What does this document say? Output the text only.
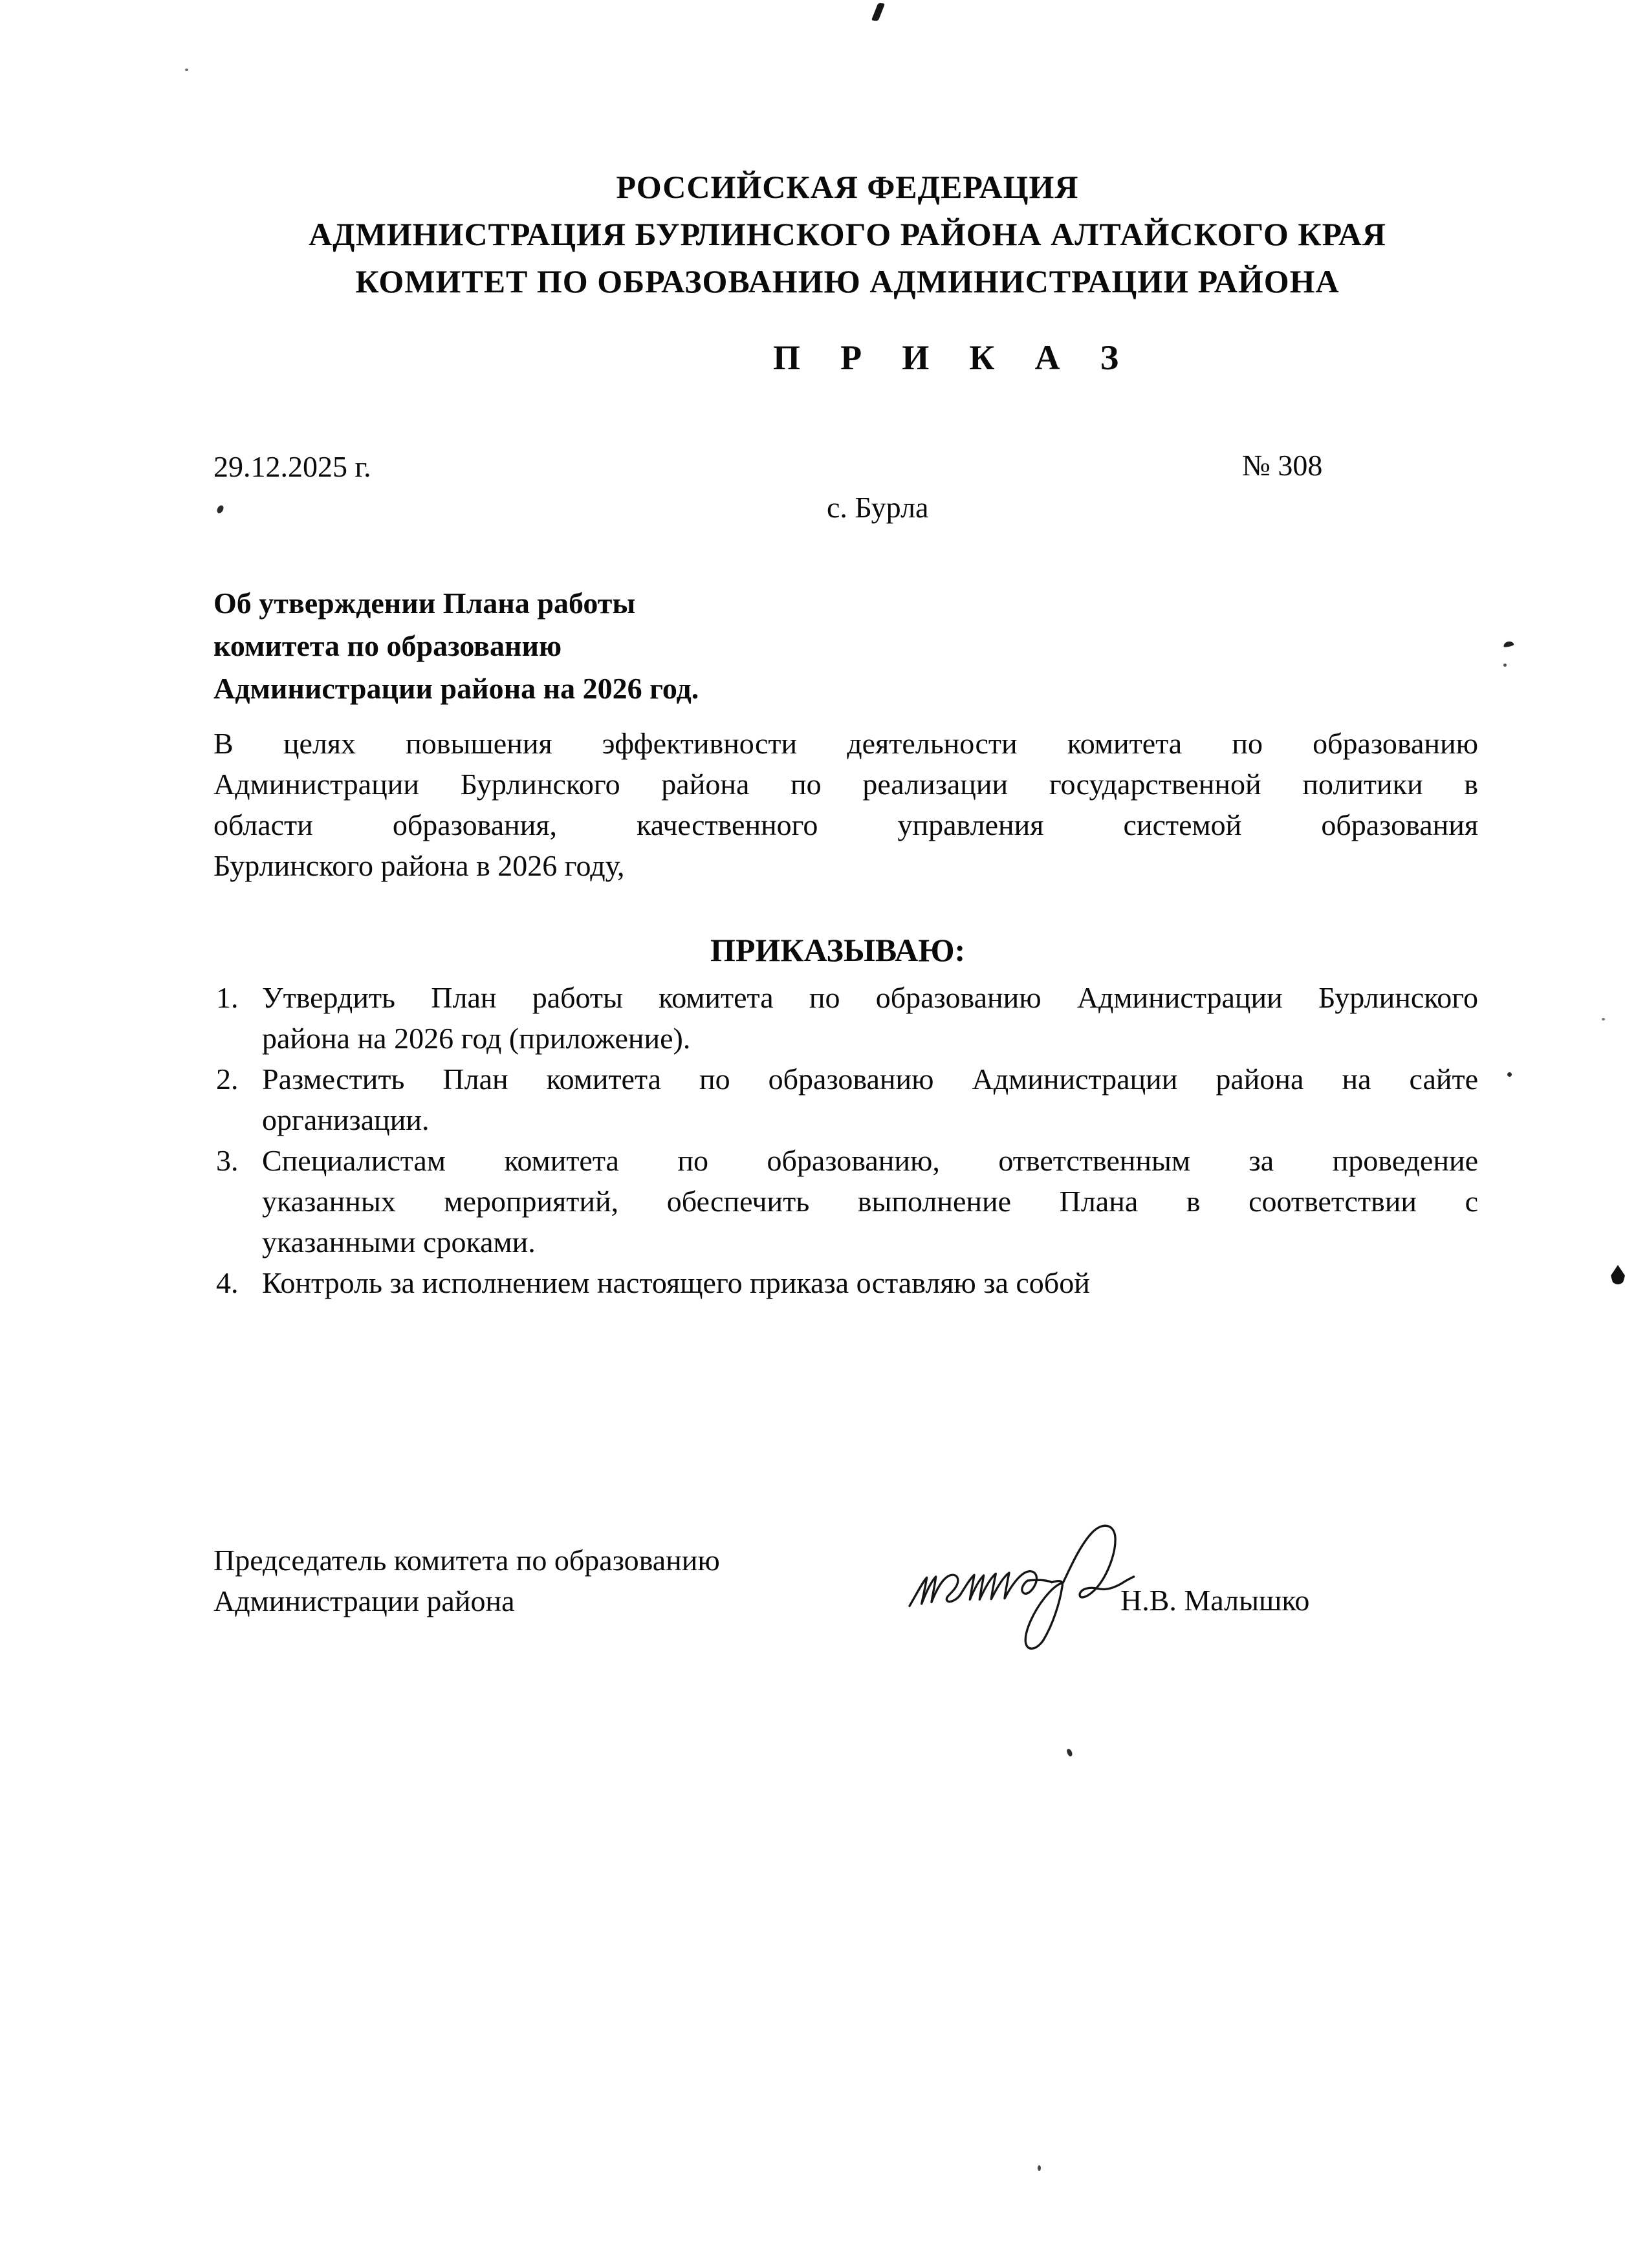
РОССИЙСКАЯ ФЕДЕРАЦИЯ
АДМИНИСТРАЦИЯ БУРЛИНСКОГО РАЙОНА АЛТАЙСКОГО КРАЯ
КОМИТЕТ ПО ОБРАЗОВАНИЮ АДМИНИСТРАЦИИ РАЙОНА
П Р И К А З
29.12.2025 г.	№ 308
с. Бурла
Об утверждении Плана работы
комитета по образованию
Администрации района на 2026 год.
В целях повышения эффективности деятельности комитета по образованию
Администрации Бурлинского района по реализации государственной политики в
области образования, качественного управления системой образования
Бурлинского района в 2026 году,
ПРИКАЗЫВАЮ:
1. Утвердить План работы комитета по образованию Администрации Бурлинского
района на 2026 год (приложение).
2. Разместить План комитета по образованию Администрации района на сайте
организации.
3. Специалистам комитета по образованию, ответственным за проведение
указанных мероприятий, обеспечить выполнение Плана в соответствии с
указанными сроками.
4. Контроль за исполнением настоящего приказа оставляю за собой
Председатель комитета по образованию
Администрации района	Н.В. Малышко
